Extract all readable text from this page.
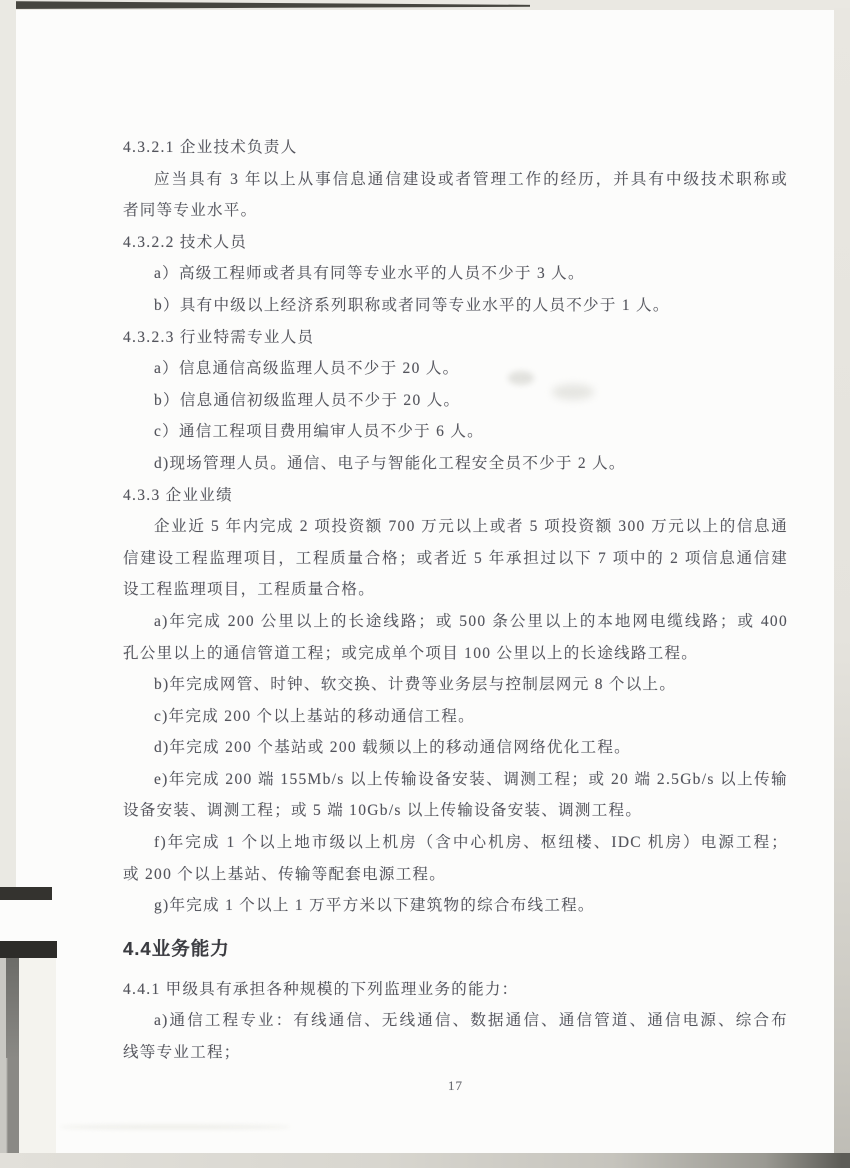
4.3.2.1 企业技术负责人
应当具有 3 年以上从事信息通信建设或者管理工作的经历，并具有中级技术职称或
者同等专业水平。
4.3.2.2 技术人员
a）高级工程师或者具有同等专业水平的人员不少于 3 人。
b）具有中级以上经济系列职称或者同等专业水平的人员不少于 1 人。
4.3.2.3 行业特需专业人员
a）信息通信高级监理人员不少于 20 人。
b）信息通信初级监理人员不少于 20 人。
c）通信工程项目费用编审人员不少于 6 人。
d)现场管理人员。通信、电子与智能化工程安全员不少于 2 人。
4.3.3 企业业绩
企业近 5 年内完成 2 项投资额 700 万元以上或者 5 项投资额 300 万元以上的信息通
信建设工程监理项目，工程质量合格；或者近 5 年承担过以下 7 项中的 2 项信息通信建
设工程监理项目，工程质量合格。
a)年完成 200 公里以上的长途线路；或 500 条公里以上的本地网电缆线路；或 400
孔公里以上的通信管道工程；或完成单个项目 100 公里以上的长途线路工程。
b)年完成网管、时钟、软交换、计费等业务层与控制层网元 8 个以上。
c)年完成 200 个以上基站的移动通信工程。
d)年完成 200 个基站或 200 载频以上的移动通信网络优化工程。
e)年完成 200 端 155Mb/s 以上传输设备安装、调测工程；或 20 端 2.5Gb/s 以上传输
设备安装、调测工程；或 5 端 10Gb/s 以上传输设备安装、调测工程。
f)年完成 1 个以上地市级以上机房（含中心机房、枢纽楼、IDC 机房）电源工程；
或 200 个以上基站、传输等配套电源工程。
g)年完成 1 个以上 1 万平方米以下建筑物的综合布线工程。
4.4业务能力
4.4.1 甲级具有承担各种规模的下列监理业务的能力：
a)通信工程专业：有线通信、无线通信、数据通信、通信管道、通信电源、综合布
线等专业工程；
17
